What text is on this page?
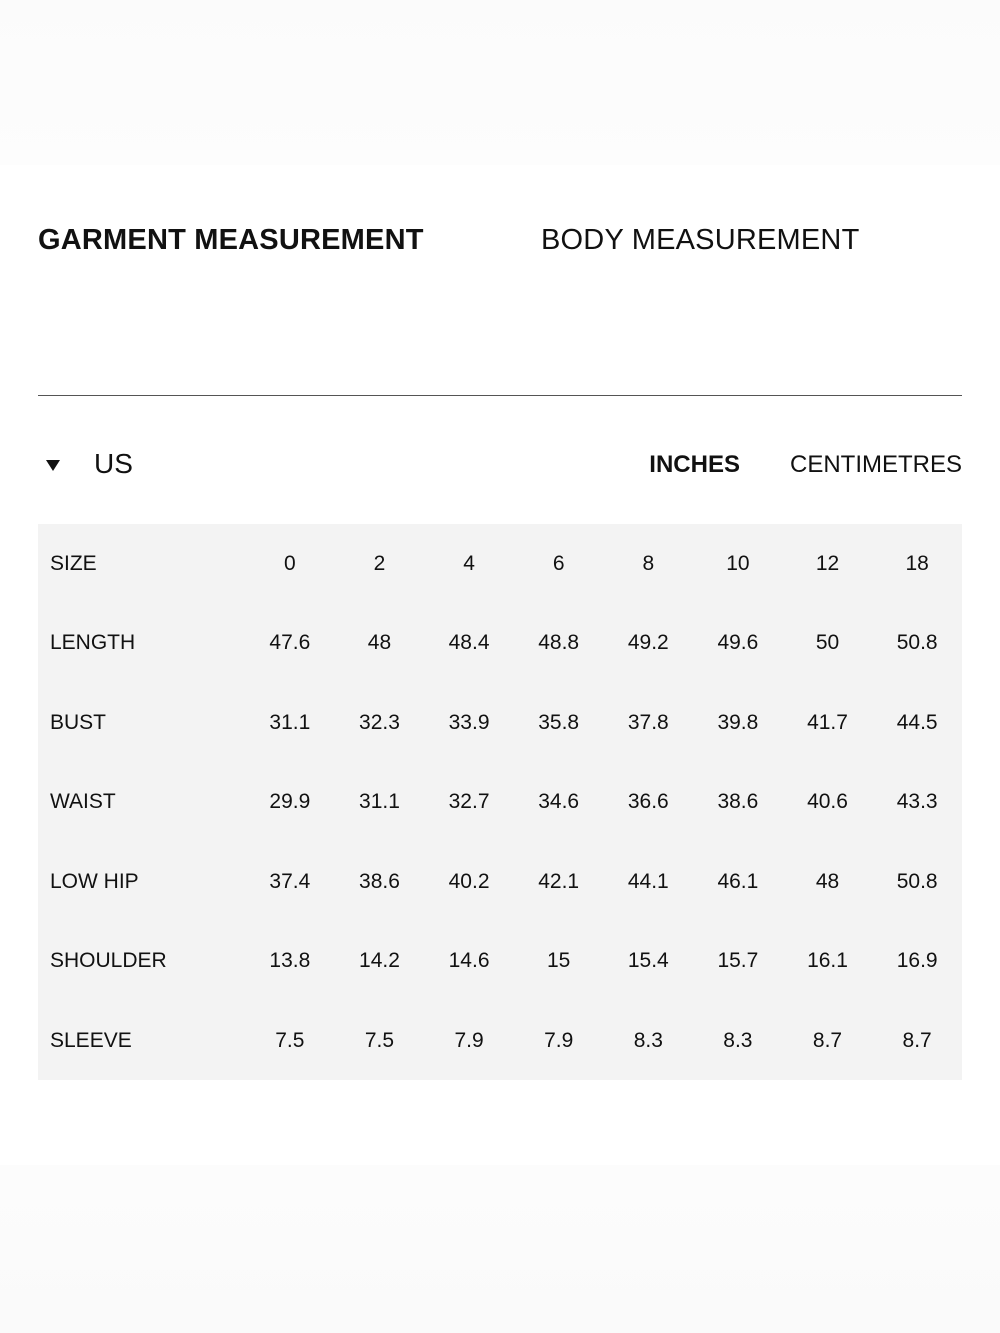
GARMENT MEASUREMENT	BODY MEASUREMENT
US	INCHES CENTIMETRES
SIZE	0	2	4	6	8	10	12	18
LENGTH	47.6	48	48.4	48.8	49.2	49.6	50	50.8
BUST	31.1	32.3	33.9	35.8	37.8	39.8	41.7	44.5
WAIST	29.9	31.1	32.7	34.6	36.6	38.6	40.6	43.3
LOW HIP	37.4	38.6	40.2	42.1	44.1	46.1	48	50.8
SHOULDER	13.8	14.2	14.6	15	15.4	15.7	16.1	16.9
SLEEVE	7.5	7.5	7.9	7.9	8.3	8.3	8.7	8.7
